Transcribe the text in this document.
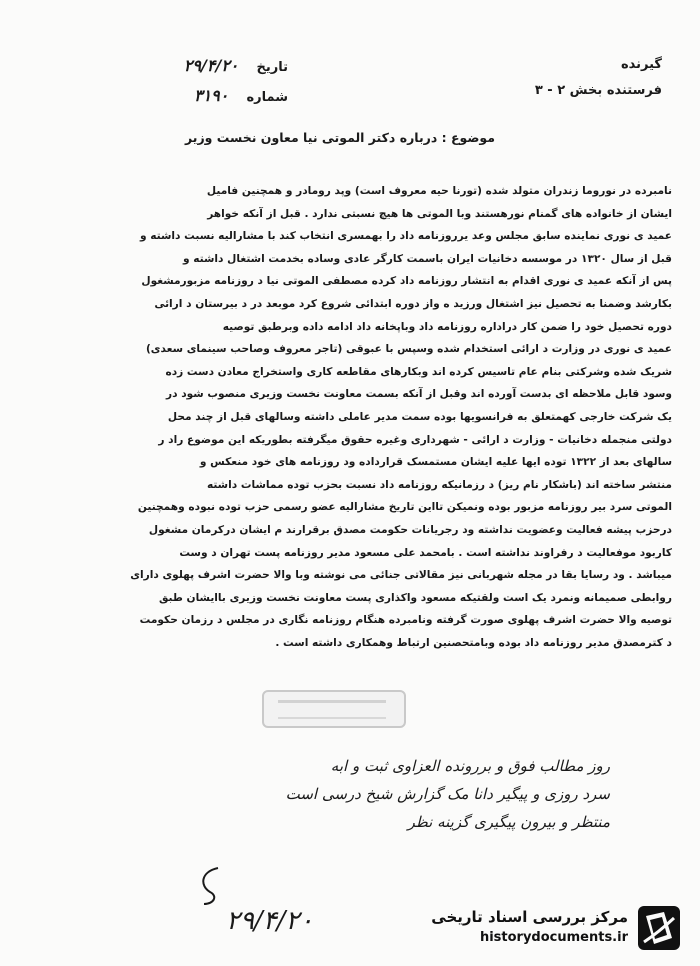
گیرنده
فرستنده بخش ۲ - ۳
تاریخ    ۲۹/۴/۲۰
شماره    ۳۱۹۰
موضوع : درباره دکتر الموتی نیا معاون نخست وزیر
نامبرده در نوروما زندران متولد شده (تورنا حیه معروف است) وپد رومادر و همچنین فامیل
ایشان از خانواده های گمنام نورهستند وبا الموتی ها هیچ نسبتی ندارد . قبل از آنکه خواهر
عمید ی نوری نماینده سابق مجلس وعد یرروزنامه داد را بهمسری انتخاب کند با مشارالیه نسبت داشته و
قبل از سال ۱۳۲۰ در موسسه دخانیات ایران باسمت کارگر عادی وساده بخدمت اشتغال داشته و
پس از آنکه عمید ی نوری اقدام به انتشار روزنامه داد کرده مصطفی الموتی نیا د روزنامه مزبورمشغول
بکارشد وضمنا به تحصیل نیز اشتغال ورزید ه واز دوره ابتدائی شروع کرد موبعد در د بیرستان د ارائی
دوره تحصیل خود را ضمن کار دراداره روزنامه داد وباپخانه داد ادامه داده وبرطبق توصیه
عمید ی نوری در وزارت د ارائی استخدام شده وسپس با عبوقی (تاجر معروف وصاحب سینمای سعدی)
شریک شده وشرکتی بنام عام تاسیس کرده اند وبکارهای مقاطعه کاری واستخراج معادن دست زده
وسود قابل ملاحظه ای بدست آورده اند وقبل از آنکه بسمت معاونت نخست وزیری منصوب شود در
یک شرکت خارجی کهمتعلق به فرانسویها بوده سمت مدیر عاملی داشته وسالهای قبل از چند محل
دولتی منجمله دخانیات - وزارت د ارائی - شهرداری وغیره حقوق میگرفته بطوریکه این موضوع راد ر
سالهای بعد از ۱۳۲۲ توده ایها علیه ایشان مستمسک قرارداده ود روزنامه های خود منعکس و
منتشر ساخته اند (باشکار نام ریز) د رزمانیکه روزنامه داد نسبت بحزب توده مماشات داشته
الموتی سرد بیر روزنامه مزبور بوده ونمیکن تااین تاریخ مشارالیه عضو رسمی حزب توده نبوده وهمچنین
درحزب پیشه فعالیت وعضویت نداشته ود رجریانات حکومت مصدق برقرارند م ایشان درکرمان مشغول
کاربود موفعالیت د رفراوند نداشته است . بامحمد علی مسعود مدیر روزنامه پست تهران د وست
میباشد . ود رسایا بقا در مجله شهربانی نیز مقالاتی جنائی می نوشته وبا والا حضرت اشرف پهلوی دارای
روابطی صمیمانه ونمرد یک است ولقتیکه مسعود واکذاری پست معاونت نخست وزیری باایشان طبق
توصیه والا حضرت اشرف پهلوی صورت گرفته ونامبرده هنگام روزنامه نگاری در مجلس د رزمان حکومت
د کترمصدق مدیر روزنامه داد بوده وبامتحصنین ارتباط وهمکاری داشته است .
روز مطالب فوق و بررونده العزاوی ثبت و ابه
سرد روزی و پیگیر دانا مک گزارش شیخ درسی است
منتظر و بیرون پیگیری گزینه نظر
۲۹/۴/۲۰	مرکز بررسی اسناد تاریخی
historydocuments.ir
